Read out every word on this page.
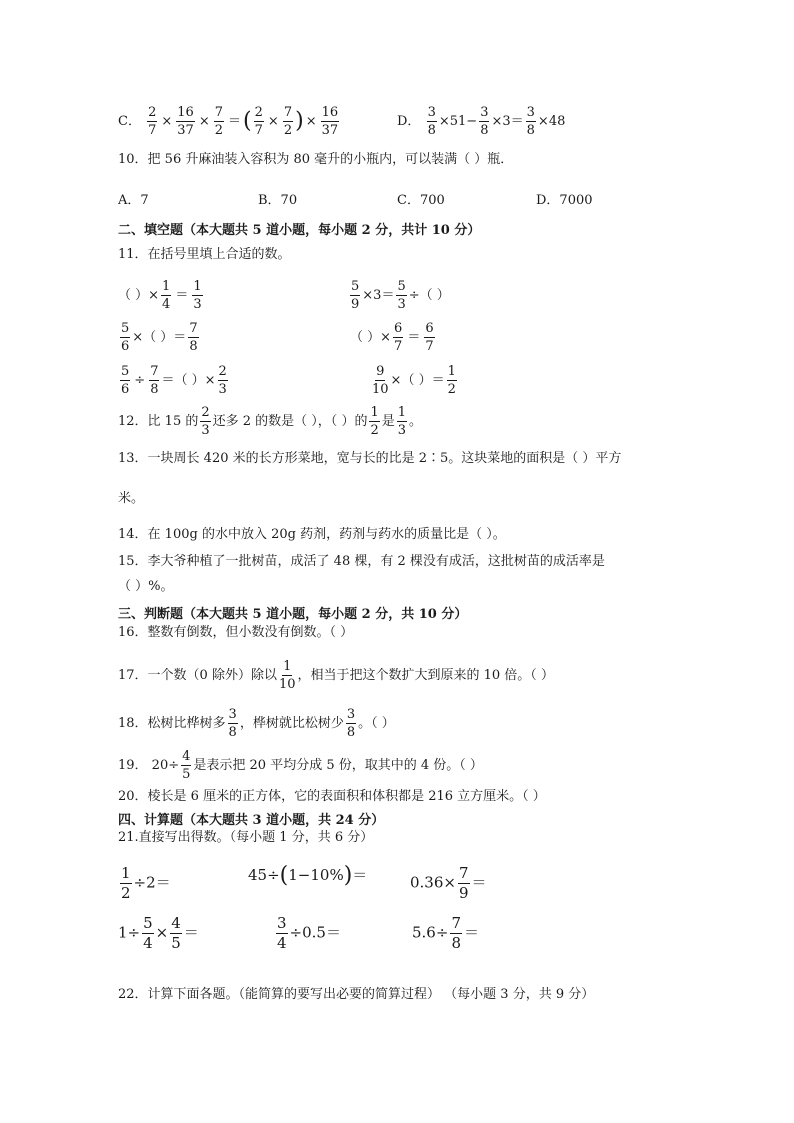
C． $\frac{2}{7} \times \frac{16}{37} \times \frac{7}{2}$ ＝( $\frac{2}{7} \times \frac{7}{2}$ ) × $\frac{16}{37}$	D． $\frac{3}{8} \times 51- \frac{3}{8} \times 3= \frac{3}{8} \times 48$
10．把 56 升麻油装入容积为 80 毫升的小瓶内，可以装满（ ）瓶．
A．7	B．70	C．700	D．7000
二、填空题（本大题共 5 道小题，每小题 2 分，共计 10 分）
11．在括号里填上合适的数。
（ ）× $\frac{1}{4} = \frac{1}{3}$	$\frac{5}{9} \times 3= \frac{5}{3}$ ÷（ ）
$\frac{5}{6}$ ×（ ）＝ $\frac{7}{8}$	（ ）× $\frac{6}{7} = \frac{6}{7}$
$\frac{5}{6} \div \frac{7}{8}$ ＝（ ）× $\frac{2}{3}$	$\frac{9}{10}$ ×（ ）＝ $\frac{1}{2}$
12．比 15 的 $\frac{2}{3}$ 还多 2 的数是（ ），（ ）的 $\frac{1}{2}$ 是 $\frac{1}{3}$ 。
13．一块周长 420 米的长方形菜地，宽与长的比是 2∶5。这块菜地的面积是（ ）平方
米。
14．在 100g 的水中放入 20g 药剂，药剂与药水的质量比是（ ）。
15．李大爷种植了一批树苗，成活了 48 棵，有 2 棵没有成活，这批树苗的成活率是
（ ）%。
三、判断题（本大题共 5 道小题，每小题 2 分，共 10 分）
16．整数有倒数，但小数没有倒数。（ ）
17．一个数（0 除外）除以 $\frac{1}{10}$ ，相当于把这个数扩大到原来的 10 倍。（ ）
18．松树比桦树多 $\frac{3}{8}$ ，桦树就比松树少 $\frac{3}{8}$ 。（ ）
19． $20\div \frac{4}{5}$ 是表示把 20 平均分成 5 份，取其中的 4 份。（ ）
20．棱长是 6 厘米的正方体，它的表面积和体积都是 216 立方厘米。（ ）
四、计算题（本大题共 3 道小题，共 24 分）
21.直接写出得数。（每小题 1 分，共 6 分）
$\frac{1}{2} \div 2=$	45÷(1−10%)＝	$0.36\times \frac{7}{9}$ ＝
$1\div \frac{5}{4} \times \frac{4}{5}$ ＝	$\frac{3}{4} \div 0.5=$	$5.6\div \frac{7}{8}$ ＝
22．计算下面各题。（能简算的要写出必要的简算过程） （每小题 3 分，共 9 分）
